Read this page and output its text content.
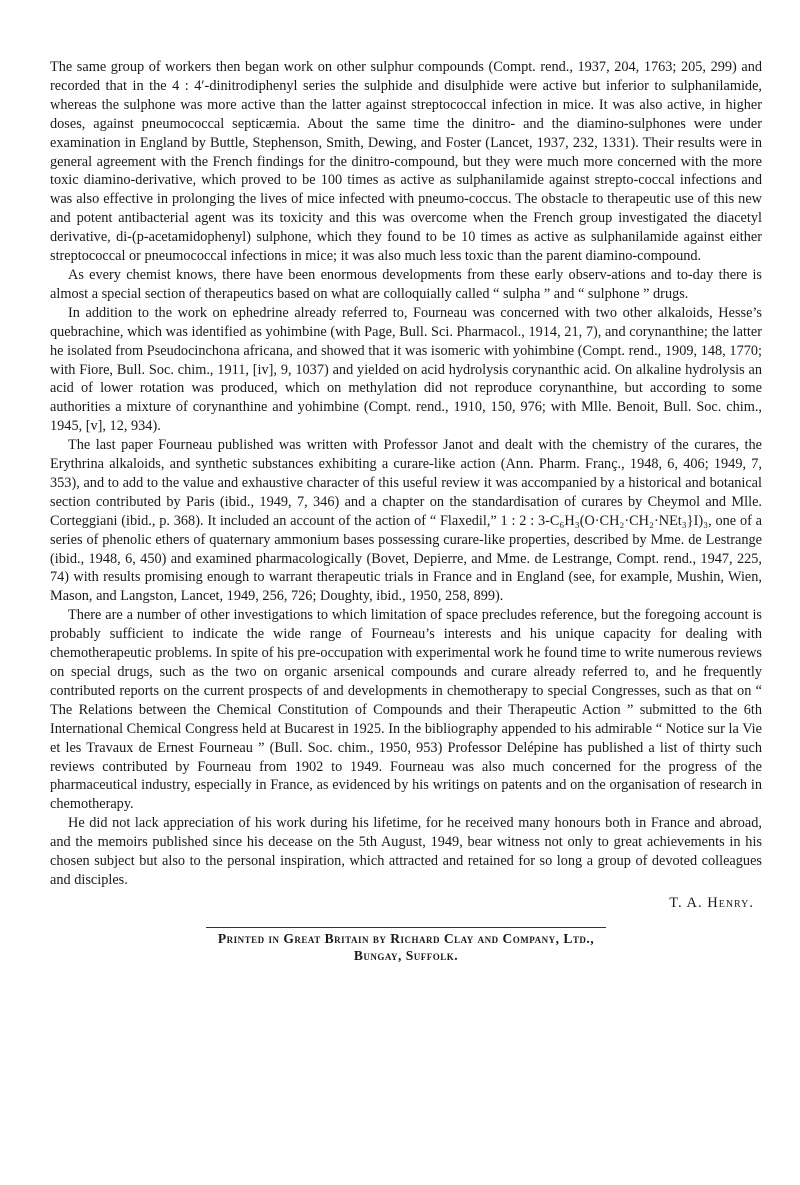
The same group of workers then began work on other sulphur compounds (Compt. rend., 1937, 204, 1763; 205, 299) and recorded that in the 4 : 4′-dinitrodiphenyl series the sulphide and disulphide were active but inferior to sulphanilamide, whereas the sulphone was more active than the latter against streptococcal infection in mice. It was also active, in higher doses, against pneumococcal septicæmia. About the same time the dinitro- and the diamino-sulphones were under examination in England by Buttle, Stephenson, Smith, Dewing, and Foster (Lancet, 1937, 232, 1331). Their results were in general agreement with the French findings for the dinitro-compound, but they were much more concerned with the more toxic diamino-derivative, which proved to be 100 times as active as sulphanilamide against strepto-coccal infections and was also effective in prolonging the lives of mice infected with pneumo-coccus. The obstacle to therapeutic use of this new and potent antibacterial agent was its toxicity and this was overcome when the French group investigated the diacetyl derivative, di-(p-acetamidophenyl) sulphone, which they found to be 10 times as active as sulphanilamide against either streptococcal or pneumococcal infections in mice; it was also much less toxic than the parent diamino-compound.

As every chemist knows, there have been enormous developments from these early observ-ations and to-day there is almost a special section of therapeutics based on what are colloquially called “ sulpha ” and “ sulphone ” drugs.

In addition to the work on ephedrine already referred to, Fourneau was concerned with two other alkaloids, Hesse’s quebrachine, which was identified as yohimbine (with Page, Bull. Sci. Pharmacol., 1914, 21, 7), and corynanthine; the latter he isolated from Pseudocinchona africana, and showed that it was isomeric with yohimbine (Compt. rend., 1909, 148, 1770; with Fiore, Bull. Soc. chim., 1911, [iv], 9, 1037) and yielded on acid hydrolysis corynanthic acid. On alkaline hydrolysis an acid of lower rotation was produced, which on methylation did not reproduce corynanthine, but according to some authorities a mixture of corynanthine and yohimbine (Compt. rend., 1910, 150, 976; with Mlle. Benoit, Bull. Soc. chim., 1945, [v], 12, 934).

The last paper Fourneau published was written with Professor Janot and dealt with the chemistry of the curares, the Erythrina alkaloids, and synthetic substances exhibiting a curare-like action (Ann. Pharm. Franç., 1948, 6, 406; 1949, 7, 353), and to add to the value and exhaustive character of this useful review it was accompanied by a historical and botanical section contributed by Paris (ibid., 1949, 7, 346) and a chapter on the standardisation of curares by Cheymol and Mlle. Corteggiani (ibid., p. 368). It included an account of the action of “ Flaxedil,” 1 : 2 : 3-C₆H₃(O·CH₂·CH₂·NEt₃}I)₃, one of a series of phenolic ethers of quaternary ammonium bases possessing curare-like properties, described by Mme. de Lestrange (ibid., 1948, 6, 450) and examined pharmacologically (Bovet, Depierre, and Mme. de Lestrange, Compt. rend., 1947, 225, 74) with results promising enough to warrant therapeutic trials in France and in England (see, for example, Mushin, Wien, Mason, and Langston, Lancet, 1949, 256, 726; Doughty, ibid., 1950, 258, 899).

There are a number of other investigations to which limitation of space precludes reference, but the foregoing account is probably sufficient to indicate the wide range of Fourneau’s interests and his unique capacity for dealing with chemotherapeutic problems. In spite of his pre-occupation with experimental work he found time to write numerous reviews on special drugs, such as the two on organic arsenical compounds and curare already referred to, and he frequently contributed reports on the current prospects of and developments in chemotherapy to special Congresses, such as that on “ The Relations between the Chemical Constitution of Compounds and their Therapeutic Action ” submitted to the 6th International Chemical Congress held at Bucarest in 1925. In the bibliography appended to his admirable “ Notice sur la Vie et les Travaux de Ernest Fourneau ” (Bull. Soc. chim., 1950, 953) Professor Delépine has published a list of thirty such reviews contributed by Fourneau from 1902 to 1949. Fourneau was also much concerned for the progress of the pharmaceutical industry, especially in France, as evidenced by his writings on patents and on the organisation of research in chemotherapy.

He did not lack appreciation of his work during his lifetime, for he received many honours both in France and abroad, and the memoirs published since his decease on the 5th August, 1949, bear witness not only to great achievements in his chosen subject but also to the personal inspiration, which attracted and retained for so long a group of devoted colleagues and disciples.

T. A. Henry.
Printed in Great Britain by Richard Clay and Company, Ltd.,
Bungay, Suffolk.
